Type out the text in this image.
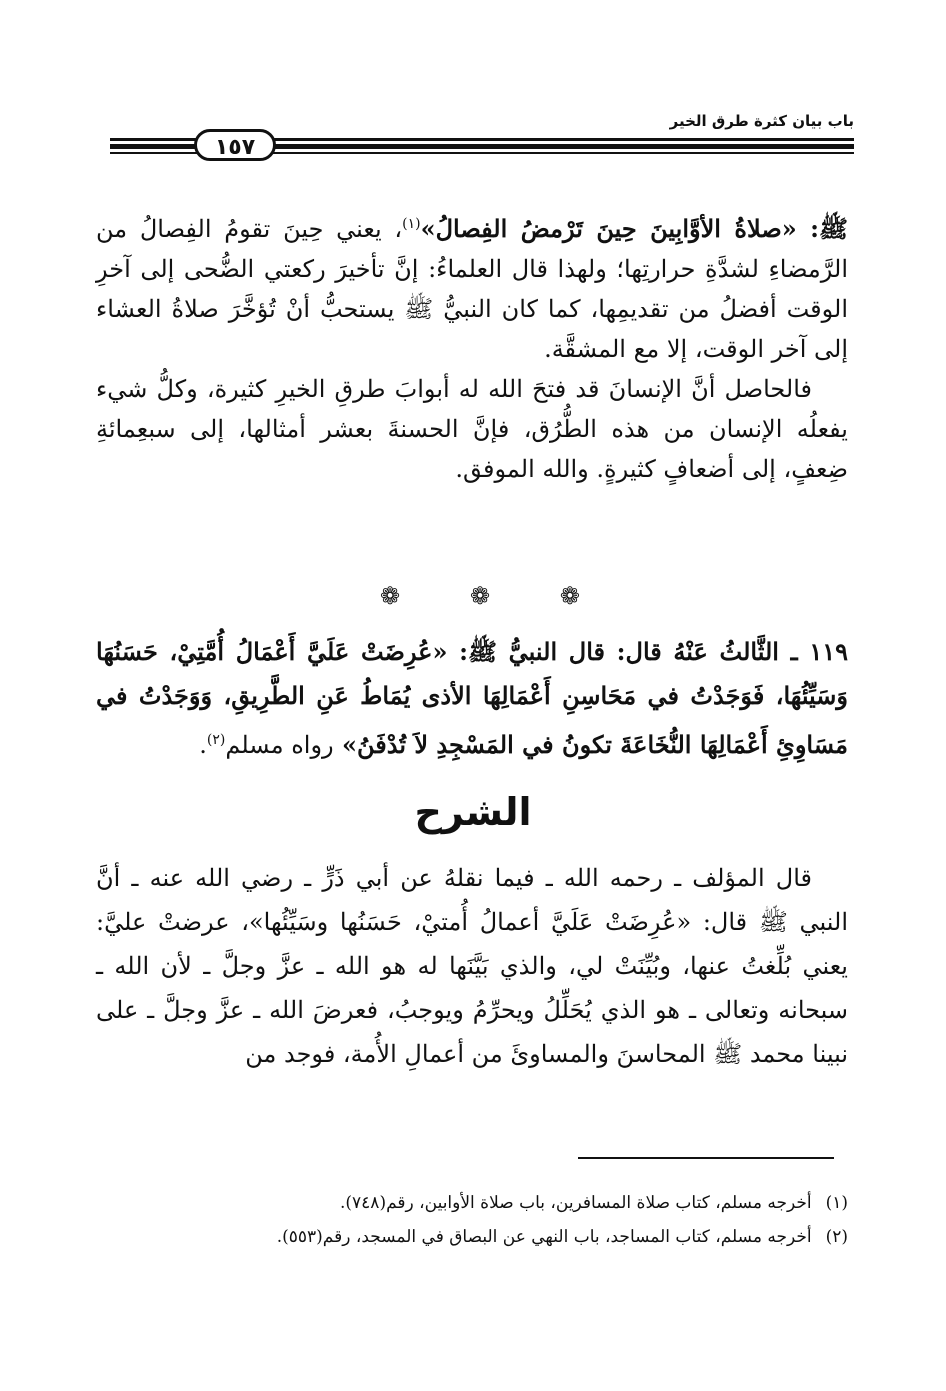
باب بيان كثرة طرق الخير
١٥٧

ﷺ: «صلاةُ الأوَّابِينَ حِينَ تَرْمضُ الفِصالُ»$^{(١)}$، يعني حِينَ تقومُ الفِصالُ من الرَّمضاءِ لشدَّةِ حرارتِها؛ ولهذا قال العلماءُ: إنَّ تأخيرَ ركعتي الضُّحى إلى آخرِ الوقت أفضلُ من تقديمِها، كما كان النبيُّ ﷺ يستحبُّ أنْ تُؤخَّرَ صلاةُ العشاء إلى آخر الوقت، إلا مع المشقَّة.

فالحاصل أنَّ الإنسانَ قد فتحَ الله له أبوابَ طرقِ الخيرِ كثيرة، وكلُّ شيء يفعلُه الإنسان من هذه الطُّرُق، فإنَّ الحسنةَ بعشر أمثالها، إلى سبعِمائةِ ضِعفٍ، إلى أضعافٍ كثيرةٍ. والله الموفق.

❁	❁	❁
١١٩ ـ الثَّالثُ عَنْهُ قال: قال النبيُّ ﷺ: «عُرِضَتْ عَلَيَّ أَعْمَالُ أُمَّتِيْ، حَسَنُهَا وَسَيِّئُهَا، فَوَجَدْتُ في مَحَاسِنِ أَعْمَالِهَا الأذى يُمَاطُ عَنِ الطَّرِيقِ، وَوَجَدْتُ في مَسَاوِئِ أَعْمَالِهَا النُّخَاعَةَ تكونُ في المَسْجِدِ لاَ تُدْفَنُ» رواه مسلم$^{(٢)}$.
الشرح

قال المؤلف ـ رحمه الله ـ فيما نقلهُ عن أبي ذَرٍّ ـ رضي الله عنه ـ أنَّ النبي ﷺ قال: «عُرِضَتْ عَلَيَّ أعمالُ أُمتيْ، حَسَنُها وسَيِّئُها»، عرضتْ عليَّ: يعني بُلِّغتُ عنها، وبُيِّنَتْ لي، والذي بَيَّنَها له هو الله ـ عزَّ وجلَّ ـ لأن الله ـ سبحانه وتعالى ـ هو الذي يُحَلِّلُ ويحرِّمُ ويوجبُ، فعرضَ الله ـ عزَّ وجلَّ ـ على نبينا محمد ﷺ المحاسنَ والمساوئَ من أعمالِ الأُمة، فوجد من

(١)
أخرجه مسلم، كتاب صلاة المسافرين، باب صلاة الأوابين، رقم(٧٤٨).
(٢)
أخرجه مسلم، كتاب المساجد، باب النهي عن البصاق في المسجد، رقم(٥٥٣).
